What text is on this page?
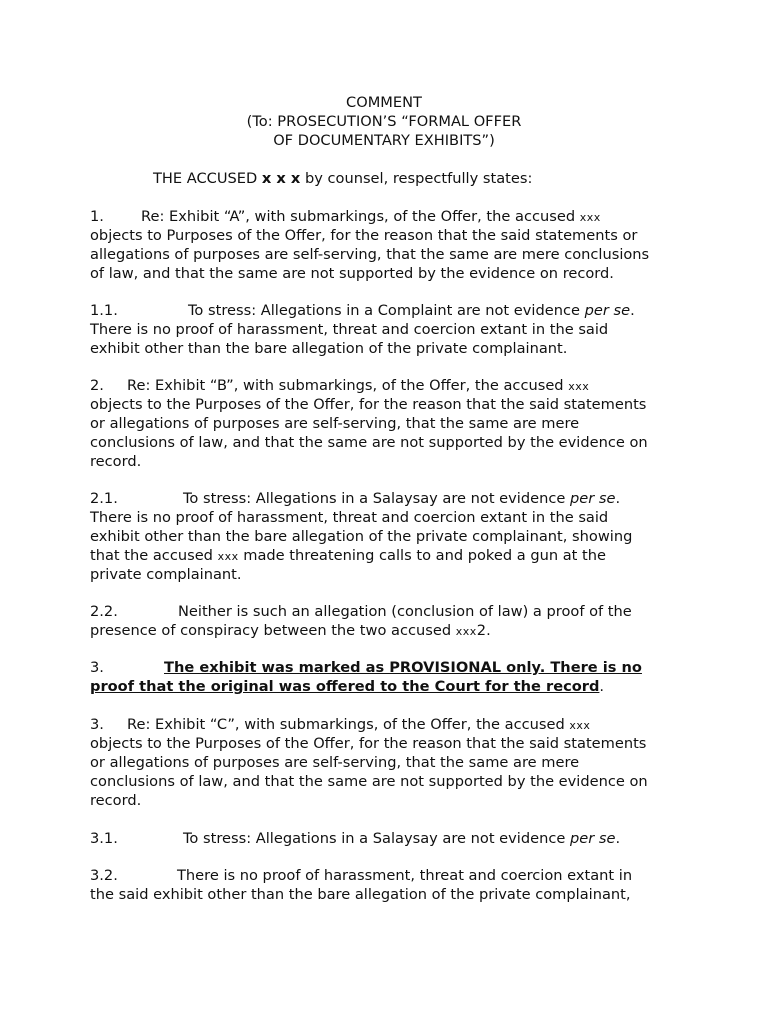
COMMENT
(To: PROSECUTION’S “FORMAL OFFER
OF DOCUMENTARY EXHIBITS”)
THE ACCUSED x x x by counsel, respectfully states:
1.	Re: Exhibit “A”, with submarkings, of the Offer, the accused xxx
objects to Purposes of the Offer, for the reason that the said statements or
allegations of purposes are self-serving, that the same are mere conclusions
of law, and that the same are not supported by the evidence on record.
1.1.	To stress: Allegations in a Complaint are not evidence per se.
There is no proof of harassment, threat and coercion extant in the said
exhibit other than the bare allegation of the private complainant.
2. Re: Exhibit “B”, with submarkings, of the Offer, the accused xxx
objects to the Purposes of the Offer, for the reason that the said statements
or allegations of purposes are self-serving, that the same are mere
conclusions of law, and that the same are not supported by the evidence on
record.
2.1.	To stress: Allegations in a Salaysay are not evidence per se.
There is no proof of harassment, threat and coercion extant in the said
exhibit other than the bare allegation of the private complainant, showing
that the accused xxx made threatening calls to and poked a gun at the
private complainant.
2.2.	Neither is such an allegation (conclusion of law) a proof of the
presence of conspiracy between the two accused xxx2.
3.	The exhibit was marked as PROVISIONAL only. There is no
proof that the original was offered to the Court for the record.
3. Re: Exhibit “C”, with submarkings, of the Offer, the accused xxx
objects to the Purposes of the Offer, for the reason that the said statements
or allegations of purposes are self-serving, that the same are mere
conclusions of law, and that the same are not supported by the evidence on
record.
3.1.	To stress: Allegations in a Salaysay are not evidence per se.
3.2.	There is no proof of harassment, threat and coercion extant in
the said exhibit other than the bare allegation of the private complainant,
